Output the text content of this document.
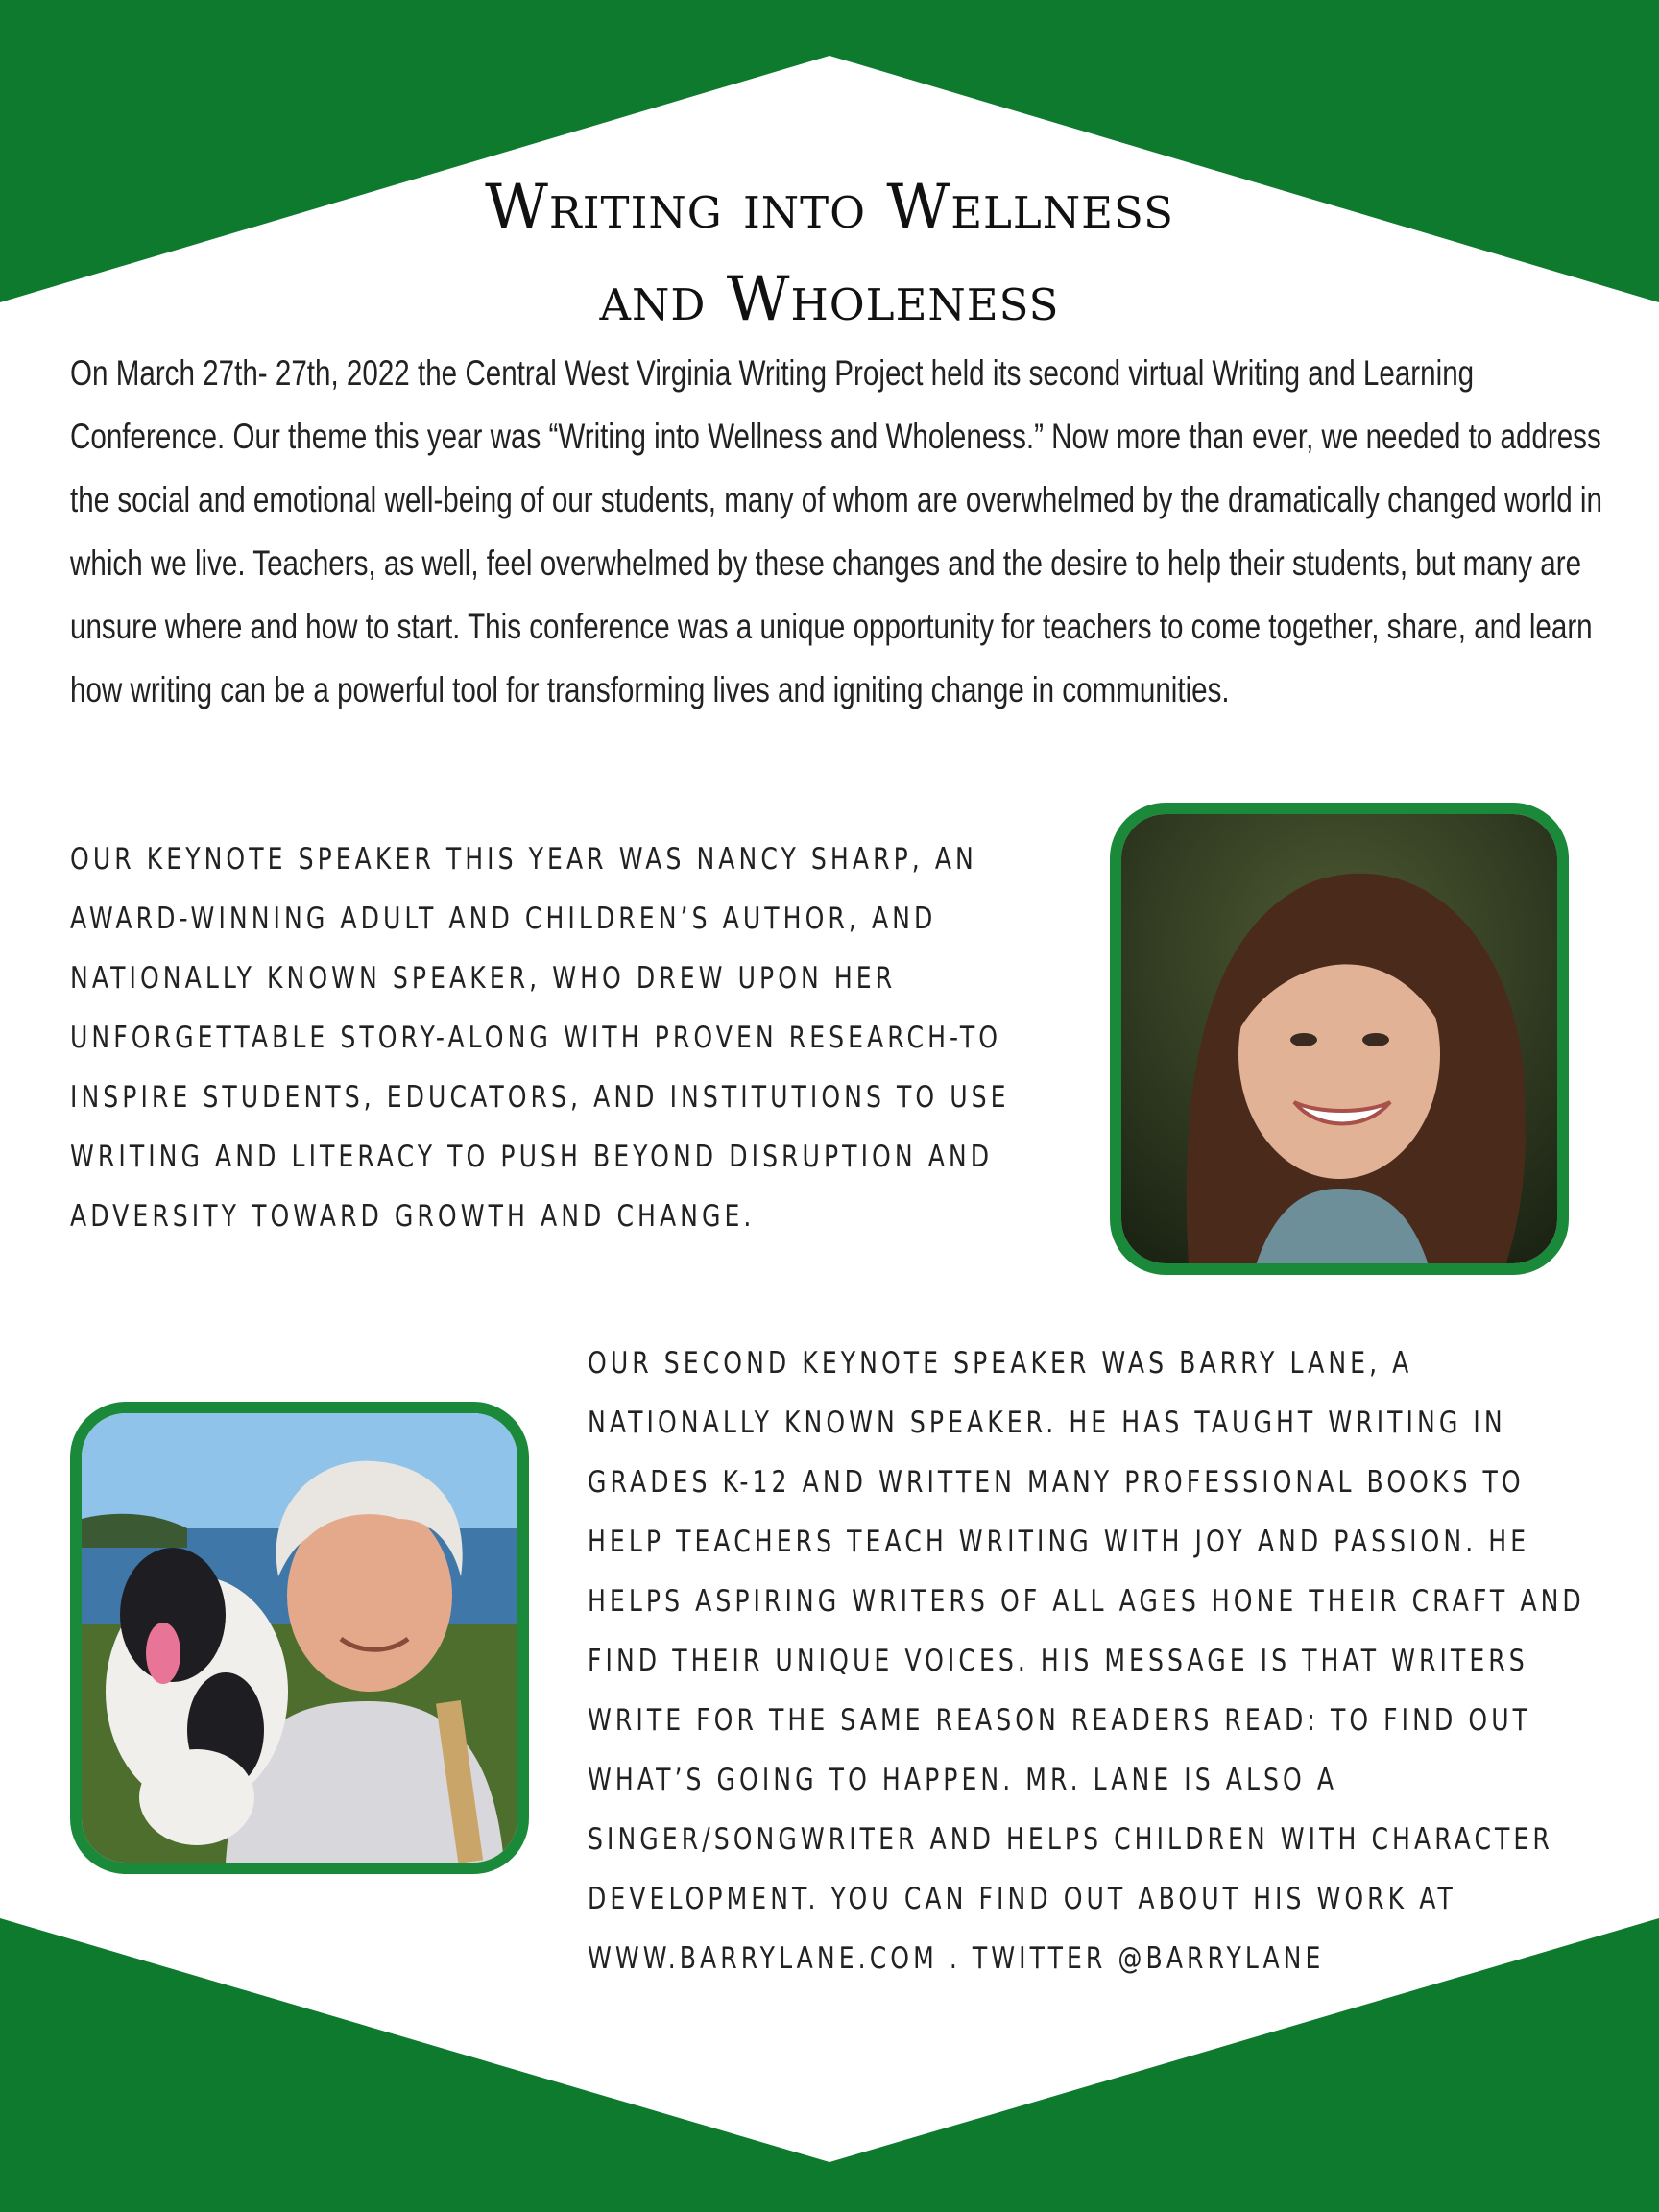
Writing into Wellness
and Wholeness

On March 27th- 27th, 2022 the Central West Virginia Writing Project held its second virtual Writing and Learning Conference. Our theme this year was “Writing into Wellness and Wholeness.” Now more than ever, we needed to address the social and emotional well-being of our students, many of whom are overwhelmed by the dramatically changed world in which we live. Teachers, as well, feel overwhelmed by these changes and the desire to help their students, but many are unsure where and how to start. This conference was a unique opportunity for teachers to come together, share, and learn how writing can be a powerful tool for transforming lives and igniting change in communities.

OUR KEYNOTE SPEAKER THIS YEAR WAS NANCY SHARP, AN AWARD-WINNING ADULT AND CHILDREN’S AUTHOR, AND NATIONALLY KNOWN SPEAKER, WHO DREW UPON HER UNFORGETTABLE STORY-ALONG WITH PROVEN RESEARCH-TO INSPIRE STUDENTS, EDUCATORS, AND INSTITUTIONS TO USE WRITING AND LITERACY TO PUSH BEYOND DISRUPTION AND ADVERSITY TOWARD GROWTH AND CHANGE.

OUR SECOND KEYNOTE SPEAKER WAS BARRY LANE, A NATIONALLY KNOWN SPEAKER. HE HAS TAUGHT WRITING IN GRADES K-12 AND WRITTEN MANY PROFESSIONAL BOOKS TO HELP TEACHERS TEACH WRITING WITH JOY AND PASSION. HE HELPS ASPIRING WRITERS OF ALL AGES HONE THEIR CRAFT AND FIND THEIR UNIQUE VOICES. HIS MESSAGE IS THAT WRITERS WRITE FOR THE SAME REASON READERS READ: TO FIND OUT WHAT’S GOING TO HAPPEN. MR. LANE IS ALSO A SINGER/SONGWRITER AND HELPS CHILDREN WITH CHARACTER DEVELOPMENT. YOU CAN FIND OUT ABOUT HIS WORK AT WWW.BARRYLANE.COM . TWITTER @BARRYLANE
